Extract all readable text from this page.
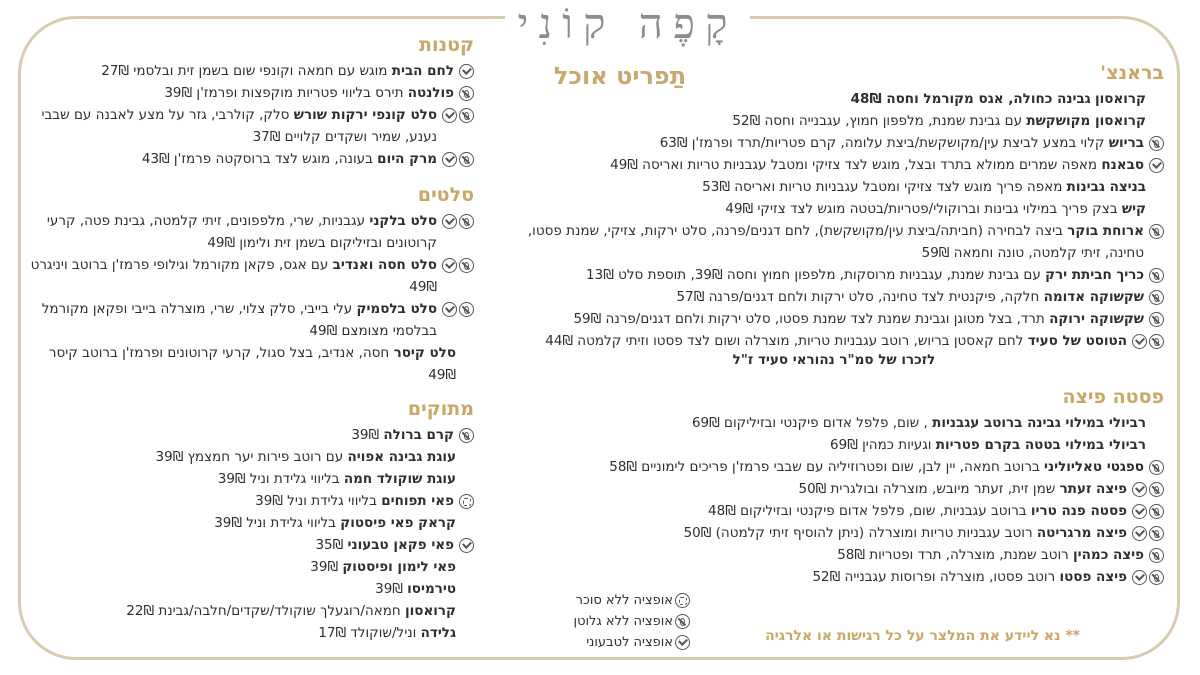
קָפֶה קוֹנִי
תַפריט אוכל	בראנצ'
קרואסון גבינה כחולה, אגס מקורמל וחסה 48₪
קרואסון מקושקשת עם גבינת שמנת, מלפפון חמוץ, עגבנייה וחסה 52₪
בריוש קלוי במצע לביצת עין/מקושקשת/ביצת עלומה, קרם פטריות/תרד ופרמז'ן 63₪
סבאנח מאפה שמרים ממולא בתרד ובצל, מוגש לצד צזיקי ומטבל עגבניות טריות ואריסה 49₪
בניצה גבינות מאפה פריך מוגש לצד צזיקי ומטבל עגבניות טריות ואריסה 53₪
קיש בצק פריך במילוי גבינות וברוקולי/פטריות/בטטה מוגש לצד צזיקי 49₪
ארוחת בוקר ביצה לבחירה (חביתה/ביצת עין/מקושקשת), לחם דגנים/פרנה, סלט ירקות, צזיקי, שמנת פסטו, טחינה, זיתי קלמטה, טונה וחמאה 59₪
כריך חביתת ירק עם גבינת שמנת, עגבניות מרוסקות, מלפפון חמוץ וחסה 39₪, תוספת סלט 13₪
שקשוקה אדומה חלקה, פיקנטית לצד טחינה, סלט ירקות ולחם דגנים/פרנה 57₪
שקשוקה ירוקה תרד, בצל מטוגן וגבינת שמנת לצד שמנת פסטו, סלט ירקות ולחם דגנים/פרנה 59₪
הטוסט של סעיד לחם קאסטן בריוש, רוטב עגבניות טריות, מוצרלה ושום לצד פסטו וזיתי קלמטה 44₪
לזכרו של סמ"ר נהוראי סעיד ז"ל
פסטה פיצה
רביולי במילוי גבינה ברוטב עגבניות , שום, פלפל אדום פיקנטי ובזיליקום 69₪
רביולי במילוי בטטה בקרם פטריות וגעיות כמהין 69₪
ספגטי טאליוליני ברוטב חמאה, יין לבן, שום ופטרוזיליה עם שבבי פרמז'ן פריכים לימוניים 58₪
פיצה זעתר שמן זית, זעתר מיובש, מוצרלה ובולגרית 50₪
פסטה פנה טריו ברוטב עגבניות, שום, פלפל אדום פיקנטי ובזיליקום 48₪
פיצה מרגריטה רוטב עגבניות טריות ומוצרלה (ניתן להוסיף זיתי קלמטה) 50₪
פיצה כמהין רוטב שמנת, מוצרלה, תרד ופטריות 58₪
פיצה פסטו רוטב פסטו, מוצרלה ופרוסות עגבנייה 52₪
קטנות
לחם הבית מוגש עם חמאה וקונפי שום בשמן זית ובלסמי 27₪
פולנטה תירס בליווי פטריות מוקפצות ופרמז'ן 39₪
סלט קונפי ירקות שורש סלק, קולרבי, גזר על מצע לאבנה עם שבבי נענע, שמיר ושקדים קלויים 37₪
מרק היום בעונה, מוגש לצד ברוסקטה פרמז'ן 43₪
סלטים
סלט בלקני עגבניות, שרי, מלפפונים, זיתי קלמטה, גבינת פטה, קרעי קרוטונים ובזיליקום בשמן זית ולימון 49₪
סלט חסה ואנדיב עם אגס, פקאן מקורמל וגילופי פרמז'ן ברוטב ויניגרט 49₪
סלט בלסמיק עלי בייבי, סלק צלוי, שרי, מוצרלה בייבי ופקאן מקורמל בבלסמי מצומצם 49₪
סלט קיסר חסה, אנדיב, בצל סגול, קרעי קרוטונים ופרמז'ן ברוטב קיסר 49₪
מתוקים
קרם ברולה 39₪
עוגת גבינה אפויה עם רוטב פירות יער חמצמץ 39₪
עוגת שוקולד חמה בליווי גלידת וניל 39₪
פאי תפוחים בליווי גלידת וניל 39₪
קראק פאי פיסטוק בליווי גלידת וניל 39₪
פאי פקאן טבעוני 35₪
פאי לימון ופיסטוק 39₪
טירמיסו 39₪
קרואסון חמאה/רוגעלך שוקולד/שקדים/חלבה/גבינת 22₪
גלידה וניל/שוקולד 17₪
אופציה ללא סוכר
אופציה ללא גלוטן
אופציה לטבעוני	** נא ליידע את המלצר על כל רגישות או אלרגיה
